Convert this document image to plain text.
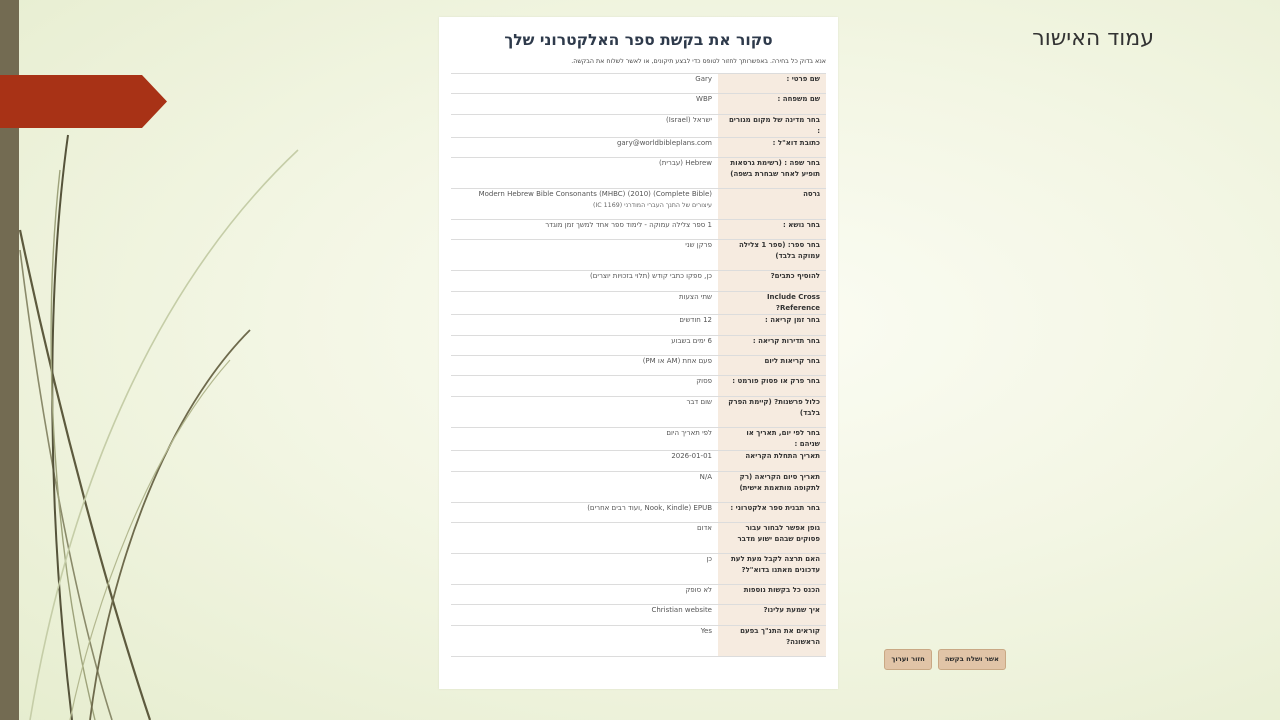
עמוד האישור
סקור את בקשת ספר האלקטרוני שלך
אנא בדוק כל בחירה. באפשרותך לחזור לטופס כדי לבצע תיקונים, או לאשר לשלוח את הבקשה.
שם פרטי :	Gary
שם משפחה :	WBP
בחר מדינה של מקום מגורים :	ישראל (Israel)
כתובת דוא"ל :	gary@worldbibleplans.com
בחר שפה : (רשימת גרסאות תופיע לאחר שבחרת בשפה)	Hebrew (עברית)
גרסה	Modern Hebrew Bible Consonants (MHBC) (2010) (Complete Bible)
עיצורים של התנך העברי המודרני (IC 1169)

בחר נושא :	1 ספר צלילה עמוקה - לימוד ספר אחד למשך זמן מוגדר
בחר ספר: (ספר 1 צלילה עמוקה בלבד)	פרקן שני
להוסיף כתבים?	כן, ספקו כתבי קודש (תלוי בזכויות יוצרים)
Include Cross Reference?	שתי הצעות
בחר זמן קריאה :	12 חודשים
בחר תדירות קריאה :	6 ימים בשבוע
בחר קריאות ליום	פעם אחת (AM או PM)
בחר פרק או פסוק פורמט :	פסוק
כלול פרשנות? (קיימת הפרק בלבד)	שום דבר
בחר לפי יום, תאריך או שניהם :	לפי תאריך היום
תאריך התחלת הקריאה	2026-01-01
תאריך סיום הקריאה (רק לתקופה מותאמת אישית)	N/A
בחר תבנית ספר אלקטרוני :	EPUB (Nook, Kindle ,ועוד רבים אחרים)
גופן אפשר לבחור עבור פסוקים שבהם ישוע מדבר	אדום
האם תרצה לקבל מעת לעת עדכונים מאתנו בדוא"ל?	כן
הכנס כל בקשות נוספות	לא סופק
איך שמעת עלינו?	Christian website
קוראים את התנ"ך בפעם הראשונה?	Yes
אשר ושלח בקשה
חזור וערוך
